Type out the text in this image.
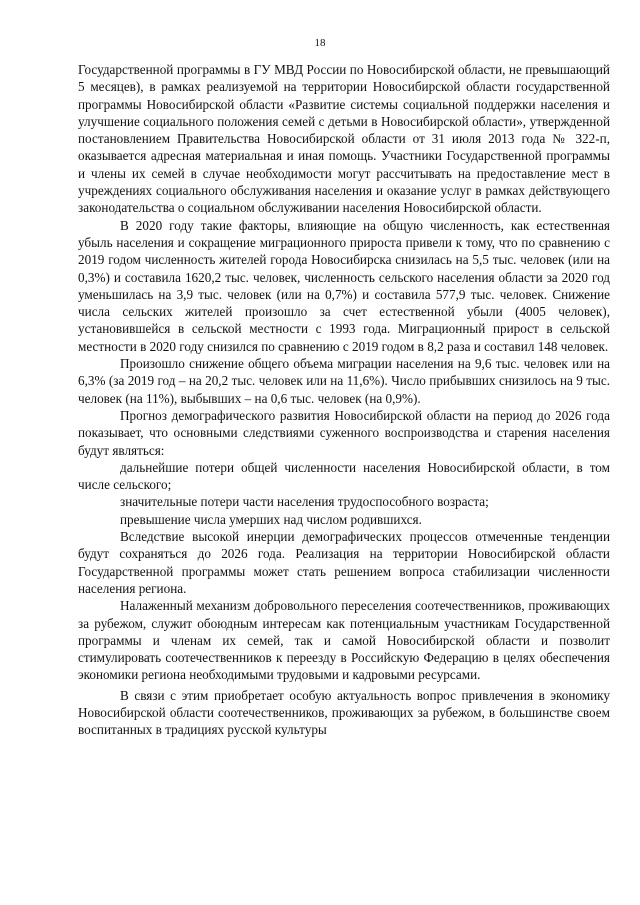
18

Государственной программы в ГУ МВД России по Новосибирской области, не превышающий 5 месяцев), в рамках реализуемой на территории Новосибирской области государственной программы Новосибирской области «Развитие системы социальной поддержки населения и улучшение социального положения семей с детьми в Новосибирской области», утвержденной постановлением Правительства Новосибирской области от 31 июля 2013 года № 322-п, оказывается адресная материальная и иная помощь. Участники Государственной программы и члены их семей в случае необходимости могут рассчитывать на предоставление мест в учреждениях социального обслуживания населения и оказание услуг в рамках действующего законодательства о социальном обслуживании населения Новосибирской области.

В 2020 году такие факторы, влияющие на общую численность, как естественная убыль населения и сокращение миграционного прироста привели к тому, что по сравнению с 2019 годом численность жителей города Новосибирска снизилась на 5,5 тыс. человек (или на 0,3%) и составила 1620,2 тыс. человек, численность сельского населения области за 2020 год уменьшилась на 3,9 тыс. человек (или на 0,7%) и составила 577,9 тыс. человек. Снижение числа сельских жителей произошло за счет естественной убыли (4005 человек), установившейся в сельской местности с 1993 года. Миграционный прирост в сельской местности в 2020 году снизился по сравнению с 2019 годом в 8,2 раза и составил 148 человек.

Произошло снижение общего объема миграции населения на 9,6 тыс. человек или на 6,3% (за 2019 год – на 20,2 тыс. человек или на 11,6%). Число прибывших снизилось на 9 тыс. человек (на 11%), выбывших – на 0,6 тыс. человек (на 0,9%).

Прогноз демографического развития Новосибирской области на период до 2026 года показывает, что основными следствиями суженного воспроизводства и старения населения будут являться:

дальнейшие потери общей численности населения Новосибирской области, в том числе сельского;

значительные потери части населения трудоспособного возраста;

превышение числа умерших над числом родившихся.

Вследствие высокой инерции демографических процессов отмеченные тенденции будут сохраняться до 2026 года. Реализация на территории Новосибирской области Государственной программы может стать решением вопроса стабилизации численности населения региона.

Налаженный механизм добровольного переселения соотечественников, проживающих за рубежом, служит обоюдным интересам как потенциальным участникам Государственной программы и членам их семей, так и самой Новосибирской области и позволит стимулировать соотечественников к переезду в Российскую Федерацию в целях обеспечения экономики региона необходимыми трудовыми и кадровыми ресурсами.

В связи с этим приобретает особую актуальность вопрос привлечения в экономику Новосибирской области соотечественников, проживающих за рубежом, в большинстве своем воспитанных в традициях русской культуры
